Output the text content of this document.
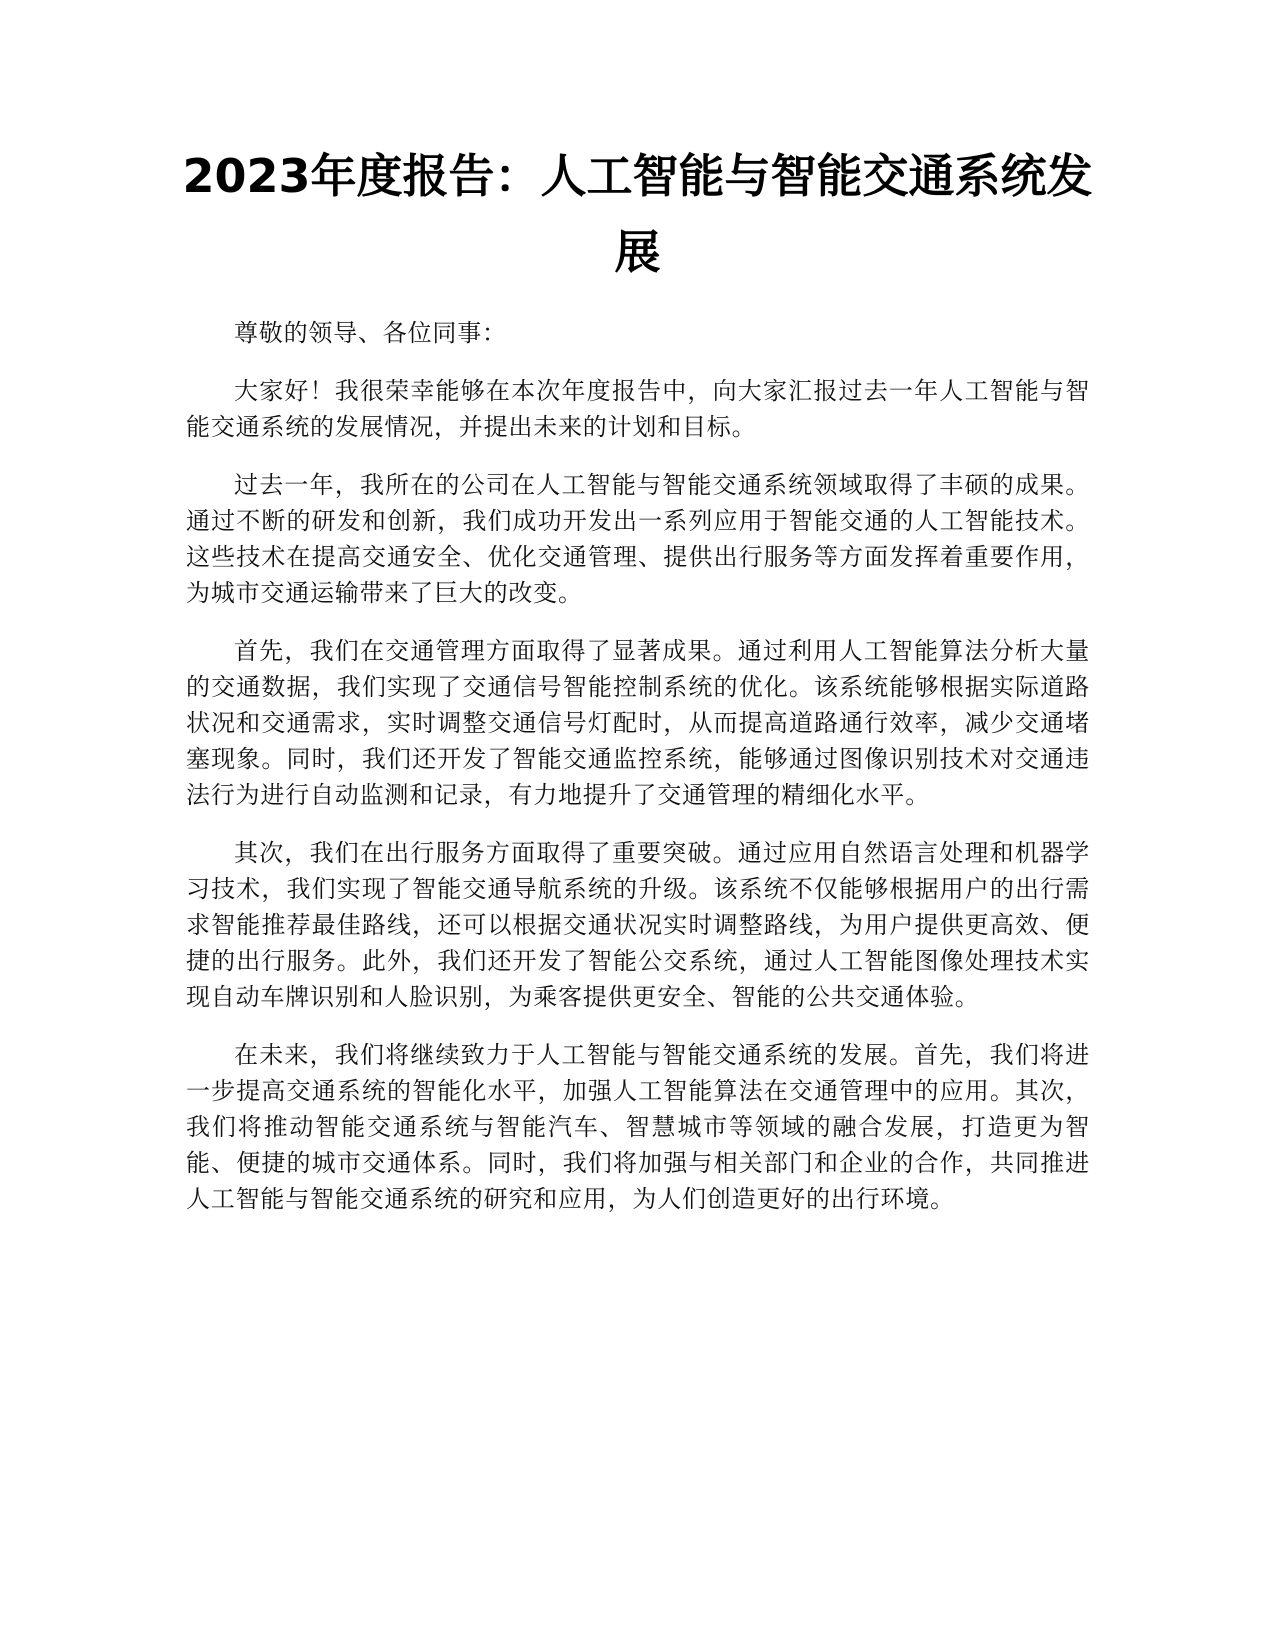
2023年度报告：人工智能与智能交通系统发展

尊敬的领导、各位同事：

大家好！我很荣幸能够在本次年度报告中，向大家汇报过去一年人工智能与智能交通系统的发展情况，并提出未来的计划和目标。

过去一年，我所在的公司在人工智能与智能交通系统领域取得了丰硕的成果。通过不断的研发和创新，我们成功开发出一系列应用于智能交通的人工智能技术。这些技术在提高交通安全、优化交通管理、提供出行服务等方面发挥着重要作用，为城市交通运输带来了巨大的改变。

首先，我们在交通管理方面取得了显著成果。通过利用人工智能算法分析大量的交通数据，我们实现了交通信号智能控制系统的优化。该系统能够根据实际道路状况和交通需求，实时调整交通信号灯配时，从而提高道路通行效率，减少交通堵塞现象。同时，我们还开发了智能交通监控系统，能够通过图像识别技术对交通违法行为进行自动监测和记录，有力地提升了交通管理的精细化水平。

其次，我们在出行服务方面取得了重要突破。通过应用自然语言处理和机器学习技术，我们实现了智能交通导航系统的升级。该系统不仅能够根据用户的出行需求智能推荐最佳路线，还可以根据交通状况实时调整路线，为用户提供更高效、便捷的出行服务。此外，我们还开发了智能公交系统，通过人工智能图像处理技术实现自动车牌识别和人脸识别，为乘客提供更安全、智能的公共交通体验。

在未来，我们将继续致力于人工智能与智能交通系统的发展。首先，我们将进一步提高交通系统的智能化水平，加强人工智能算法在交通管理中的应用。其次，我们将推动智能交通系统与智能汽车、智慧城市等领域的融合发展，打造更为智能、便捷的城市交通体系。同时，我们将加强与相关部门和企业的合作，共同推进人工智能与智能交通系统的研究和应用，为人们创造更好的出行环境。
